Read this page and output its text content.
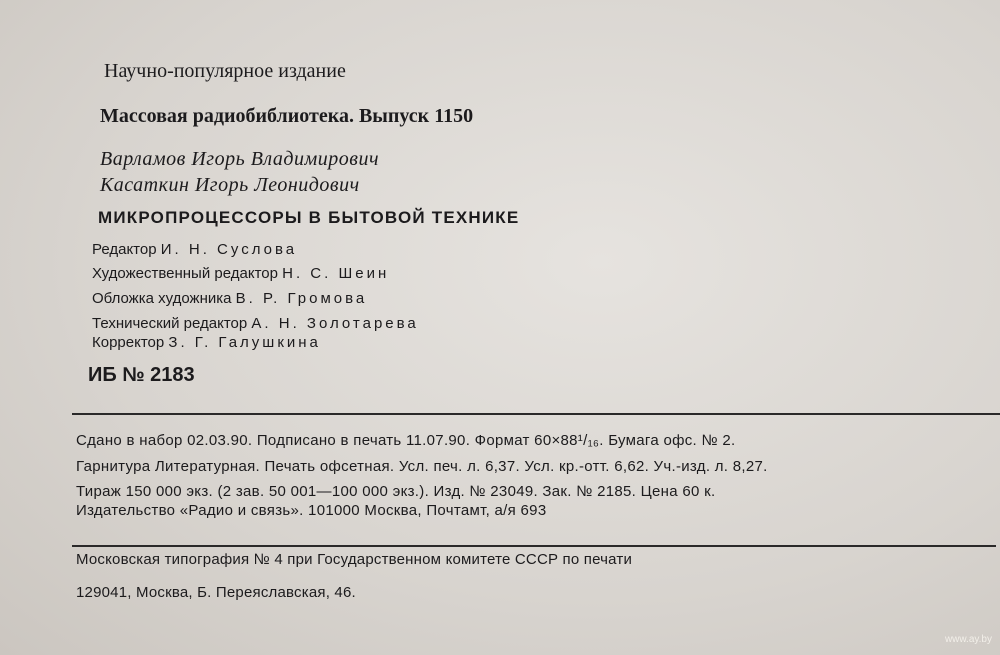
Научно-популярное издание
Массовая радиобиблиотека. Выпуск 1150
Варламов Игорь Владимирович
Касаткин Игорь Леонидович
МИКРОПРОЦЕССОРЫ В БЫТОВОЙ ТЕХНИКЕ
Редактор И. Н. Суслова
Художественный редактор Н. С. Шеин
Обложка художника В. Р. Громова
Технический редактор А. Н. Золотарева
Корректор З. Г. Галушкина
ИБ № 2183
Сдано в набор 02.03.90. Подписано в печать 11.07.90. Формат 60×88¹/₁₆. Бумага офс. № 2.
Гарнитура Литературная. Печать офсетная. Усл. печ. л. 6,37. Усл. кр.-отт. 6,62. Уч.-изд. л. 8,27.
Тираж 150 000 экз. (2 зав. 50 001—100 000 экз.). Изд. № 23049. Зак. № 2185. Цена 60 к.
Издательство «Радио и связь». 101000 Москва, Почтамт, а/я 693
Московская типография № 4 при Государственном комитете СССР по печати
129041, Москва, Б. Переяславская, 46.
www.ay.by
